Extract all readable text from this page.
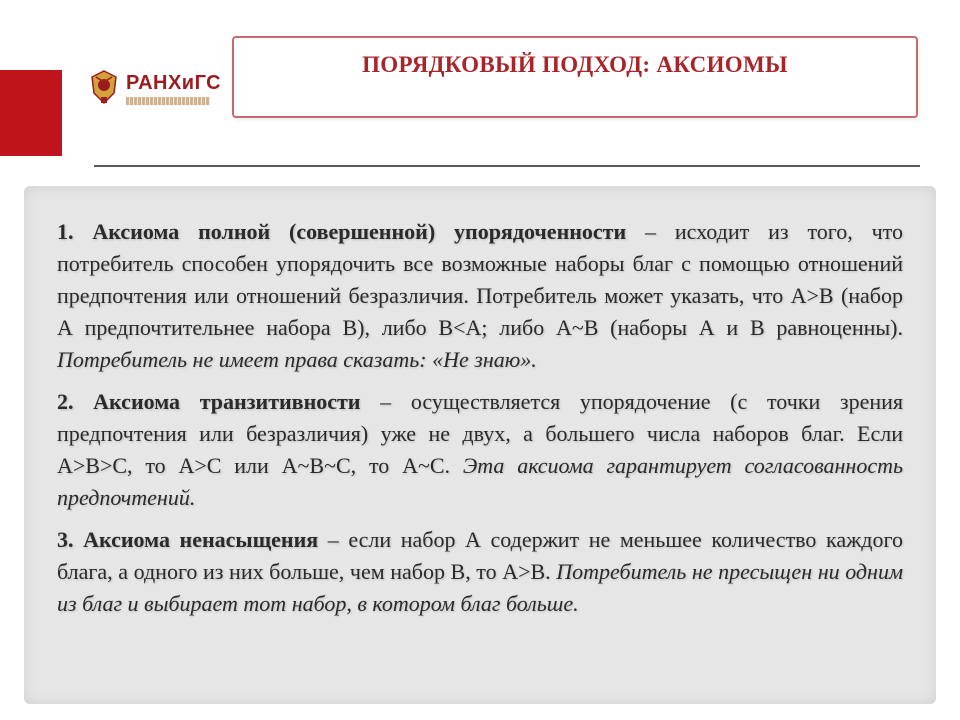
РАНХиГС
ПОРЯДКОВЫЙ ПОДХОД: АКСИОМЫ

1. Аксиома полной (совершенной) упорядоченности – исходит из того, что потребитель способен упорядочить все возможные наборы благ с помощью отношений предпочтения или отношений безразличия. Потребитель может указать, что А>В (набор А предпочтительнее набора В), либо В<А; либо А~В (наборы А и В равноценны). Потребитель не имеет права сказать: «Не знаю».

2. Аксиома транзитивности – осуществляется упорядочение (с точки зрения предпочтения или безразличия) уже не двух, а большего числа наборов благ. Если А>В>С, то А>С или А~В~С, то А~С. Эта аксиома гарантирует согласованность предпочтений.

3. Аксиома ненасыщения – если набор А содержит не меньшее количество каждого блага, а одного из них больше, чем набор В, то А>В. Потребитель не пресыщен ни одним из благ и выбирает тот набор, в котором благ больше.
